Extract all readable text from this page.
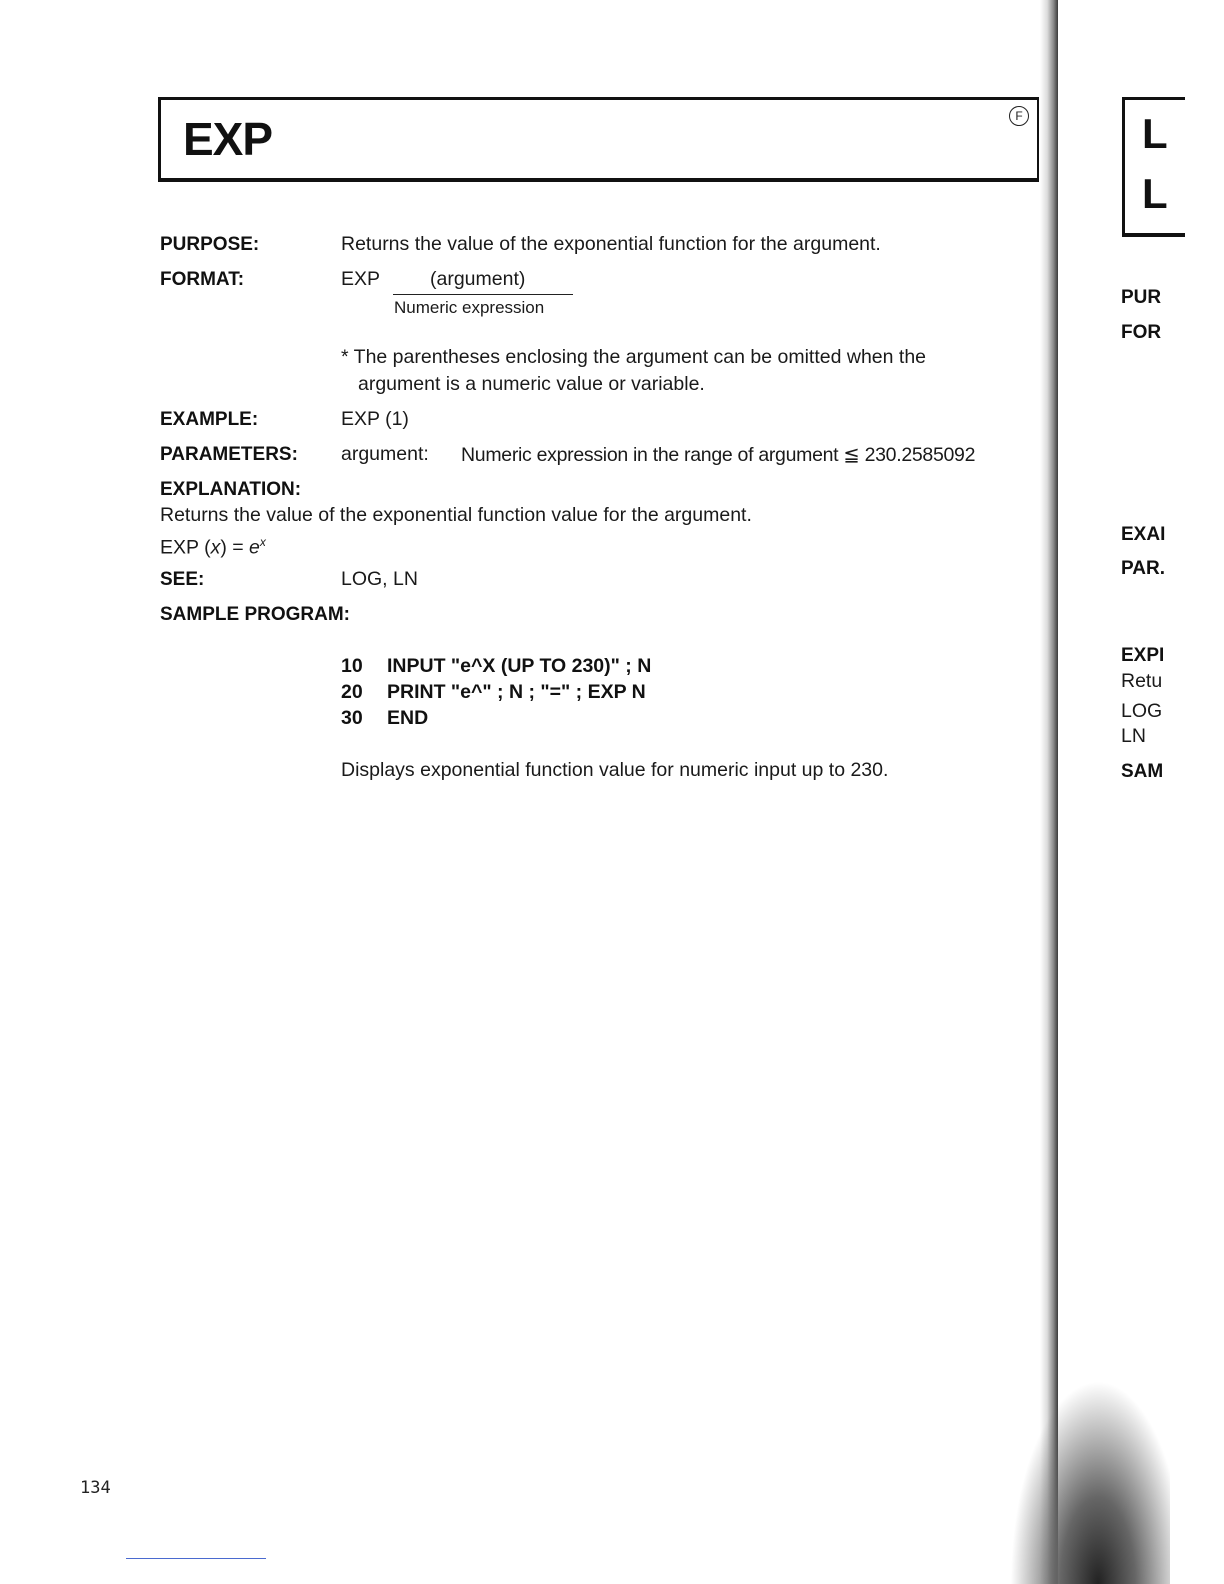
EXP	F
PURPOSE:	Returns the value of the exponential function for the argument.
FORMAT:	EXP	(argument)
Numeric expression
* The parentheses enclosing the argument can be omitted when the
argument is a numeric value or variable.
EXAMPLE:	EXP (1)
PARAMETERS: argument: Numeric expression in the range of argument ≦ 230.2585092
EXPLANATION:
Returns the value of the exponential function value for the argument.
EXP $(x) = e^x$
SEE:	LOG, LN
SAMPLE PROGRAM:
10 INPUT "e^X (UP TO 230)" ; N
20 PRINT "e^" ; N ; "=" ; EXP N
30 END
Displays exponential function value for numeric input up to 230.
134
L
L
PUR
FOR
EXAI
PAR.
EXPI
Retu
LOG
LN
SAM
